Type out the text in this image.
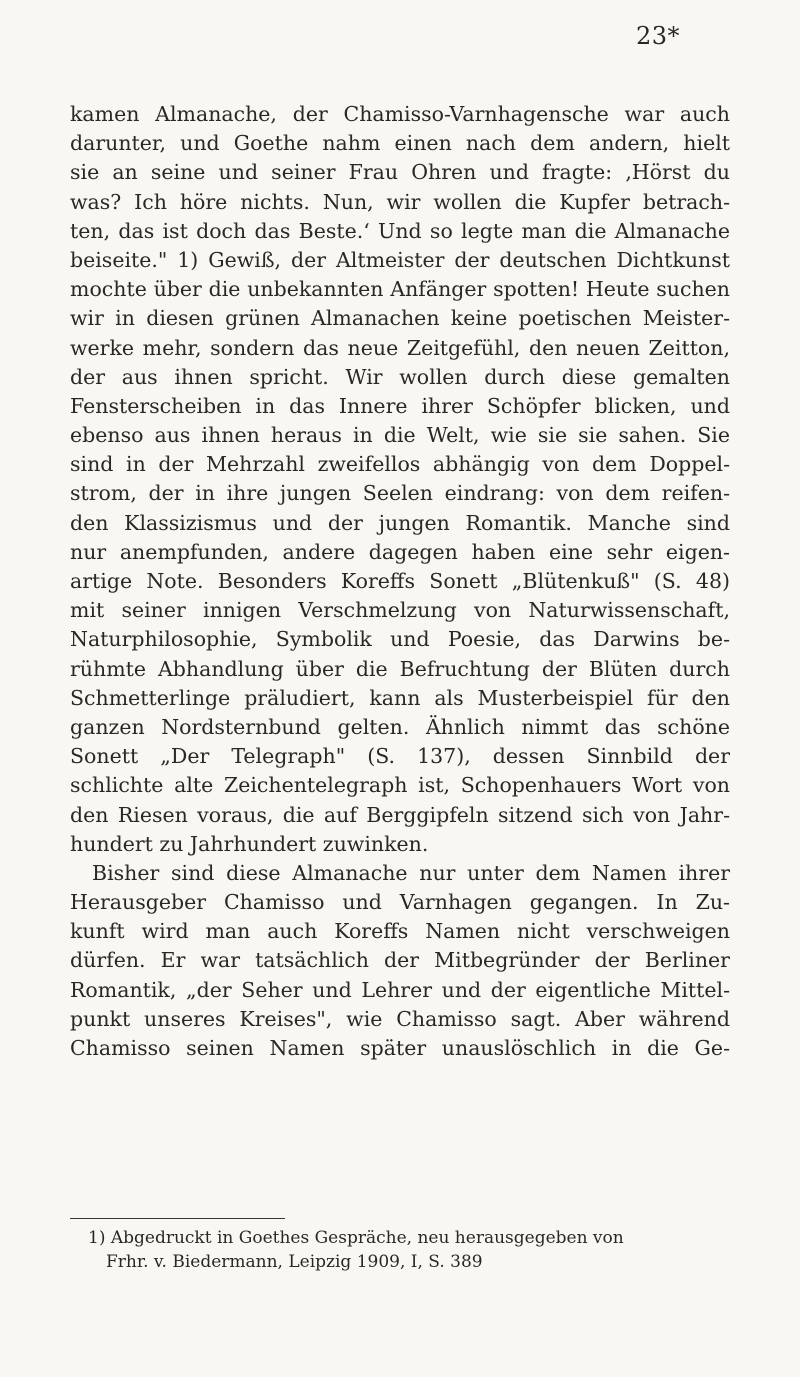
23*
kamen Almanache, der Chamisso-Varnhagensche war auch
darunter, und Goethe nahm einen nach dem andern, hielt
sie an seine und seiner Frau Ohren und fragte: ‚Hörst du
was? Ich höre nichts. Nun, wir wollen die Kupfer betrach-
ten, das ist doch das Beste.‘ Und so legte man die Almanache
beiseite." 1) Gewiß, der Altmeister der deutschen Dichtkunst
mochte über die unbekannten Anfänger spotten! Heute suchen
wir in diesen grünen Almanachen keine poetischen Meister-
werke mehr, sondern das neue Zeitgefühl, den neuen Zeitton,
der aus ihnen spricht. Wir wollen durch diese gemalten
Fensterscheiben in das Innere ihrer Schöpfer blicken, und
ebenso aus ihnen heraus in die Welt, wie sie sie sahen. Sie
sind in der Mehrzahl zweifellos abhängig von dem Doppel-
strom, der in ihre jungen Seelen eindrang: von dem reifen-
den Klassizismus und der jungen Romantik. Manche sind
nur anempfunden, andere dagegen haben eine sehr eigen-
artige Note. Besonders Koreffs Sonett „Blütenkuß" (S. 48)
mit seiner innigen Verschmelzung von Naturwissenschaft,
Naturphilosophie, Symbolik und Poesie, das Darwins be-
rühmte Abhandlung über die Befruchtung der Blüten durch
Schmetterlinge präludiert, kann als Musterbeispiel für den
ganzen Nordsternbund gelten. Ähnlich nimmt das schöne
Sonett „Der Telegraph" (S. 137), dessen Sinnbild der
schlichte alte Zeichentelegraph ist, Schopenhauers Wort von
den Riesen voraus, die auf Berggipfeln sitzend sich von Jahr-
hundert zu Jahrhundert zuwinken.
Bisher sind diese Almanache nur unter dem Namen ihrer
Herausgeber Chamisso und Varnhagen gegangen. In Zu-
kunft wird man auch Koreffs Namen nicht verschweigen
dürfen. Er war tatsächlich der Mitbegründer der Berliner
Romantik, „der Seher und Lehrer und der eigentliche Mittel-
punkt unseres Kreises", wie Chamisso sagt. Aber während
Chamisso seinen Namen später unauslöschlich in die Ge-
1) Abgedruckt in Goethes Gespräche, neu herausgegeben von
Frhr. v. Biedermann, Leipzig 1909, I, S. 389
